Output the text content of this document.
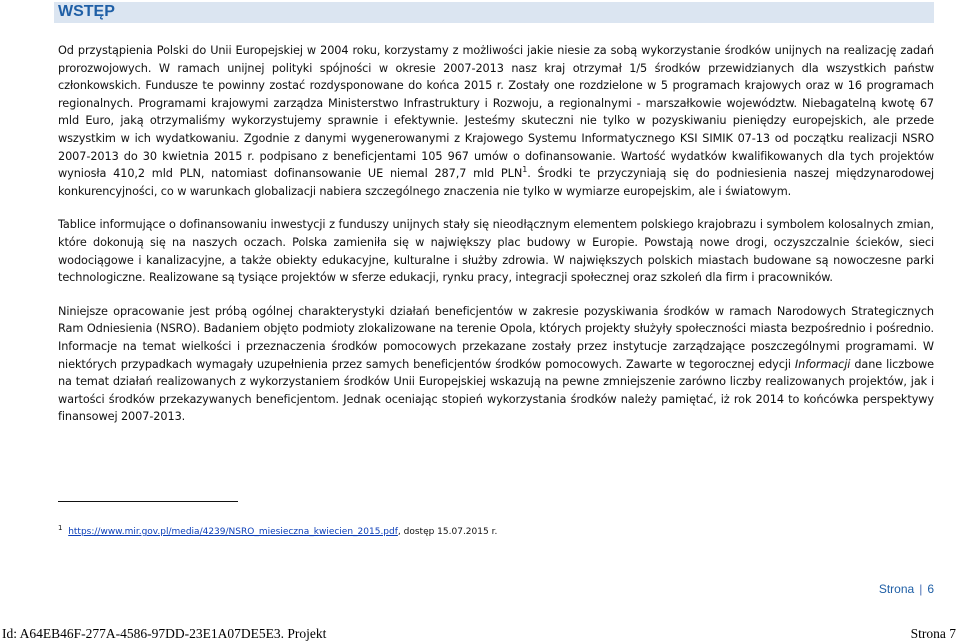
WSTĘP

Od przystąpienia Polski do Unii Europejskiej w 2004 roku, korzystamy z możliwości jakie niesie za sobą wykorzystanie środków unijnych na realizację zadań prorozwojowych. W ramach unijnej polityki spójności w okresie 2007-2013 nasz kraj otrzymał 1/5 środków przewidzianych dla wszystkich państw członkowskich. Fundusze te powinny zostać rozdysponowane do końca 2015 r. Zostały one rozdzielone w 5 programach krajowych oraz w 16 programach regionalnych. Programami krajowymi zarządza Ministerstwo Infrastruktury i Rozwoju, a regionalnymi - marszałkowie województw. Niebagatelną kwotę 67 mld Euro, jaką otrzymaliśmy wykorzystujemy sprawnie i efektywnie. Jesteśmy skuteczni nie tylko w pozyskiwaniu pieniędzy europejskich, ale przede wszystkim w ich wydatkowaniu. Zgodnie z danymi wygenerowanymi z Krajowego Systemu Informatycznego KSI SIMIK 07-13 od początku realizacji NSRO 2007-2013 do 30 kwietnia 2015 r. podpisano z beneficjentami 105 967 umów o dofinansowanie. Wartość wydatków kwalifikowanych dla tych projektów wyniosła 410,2 mld PLN, natomiast dofinansowanie UE niemal 287,7 mld PLN$^1$. Środki te przyczyniają się do podniesienia naszej międzynarodowej konkurencyjności, co w warunkach globalizacji nabiera szczególnego znaczenia nie tylko w wymiarze europejskim, ale i światowym.

Tablice informujące o dofinansowaniu inwestycji z funduszy unijnych stały się nieodłącznym elementem polskiego krajobrazu i symbolem kolosalnych zmian, które dokonują się na naszych oczach. Polska zamieniła się w największy plac budowy w Europie. Powstają nowe drogi, oczyszczalnie ścieków, sieci wodociągowe i kanalizacyjne, a także obiekty edukacyjne, kulturalne i służby zdrowia. W największych polskich miastach budowane są nowoczesne parki technologiczne. Realizowane są tysiące projektów w sferze edukacji, rynku pracy, integracji społecznej oraz szkoleń dla firm i pracowników.

Niniejsze opracowanie jest próbą ogólnej charakterystyki działań beneficjentów w zakresie pozyskiwania środków w ramach Narodowych Strategicznych Ram Odniesienia (NSRO). Badaniem objęto podmioty zlokalizowane na terenie Opola, których projekty służyły społeczności miasta bezpośrednio i pośrednio. Informacje na temat wielkości i przeznaczenia środków pomocowych przekazane zostały przez instytucje zarządzające poszczególnymi programami. W niektórych przypadkach wymagały uzupełnienia przez samych beneficjentów środków pomocowych. Zawarte w tegorocznej edycji Informacji dane liczbowe na temat działań realizowanych z wykorzystaniem środków Unii Europejskiej wskazują na pewne zmniejszenie zarówno liczby realizowanych projektów, jak i wartości środków przekazywanych beneficjentom. Jednak oceniając stopień wykorzystania środków należy pamiętać, iż rok 2014 to końcówka perspektywy finansowej 2007-2013.

$^1$ https://www.mir.gov.pl/media/4239/NSRO_miesieczna_kwiecien_2015.pdf, dostęp 15.07.2015 r.
Strona | 6
Id: A64EB46F-277A-4586-97DD-23E1A07DE5E3. Projekt	Strona 7
